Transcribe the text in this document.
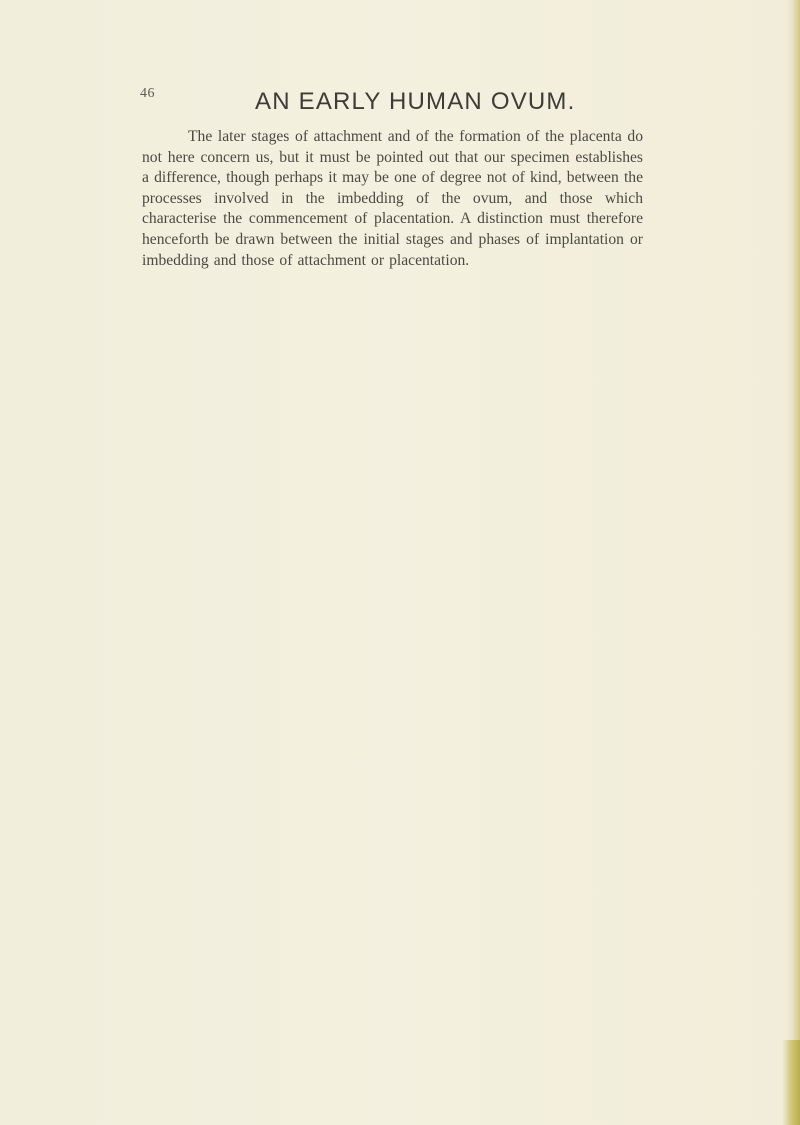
46	AN EARLY HUMAN OVUM.

The later stages of attachment and of the formation of the placenta do not here concern us, but it must be pointed out that our specimen establishes a difference, though perhaps it may be one of degree not of kind, between the processes involved in the imbedding of the ovum, and those which characterise the commencement of placentation. A distinction must therefore henceforth be drawn between the initial stages and phases of implantation or imbedding and those of attachment or placentation.
